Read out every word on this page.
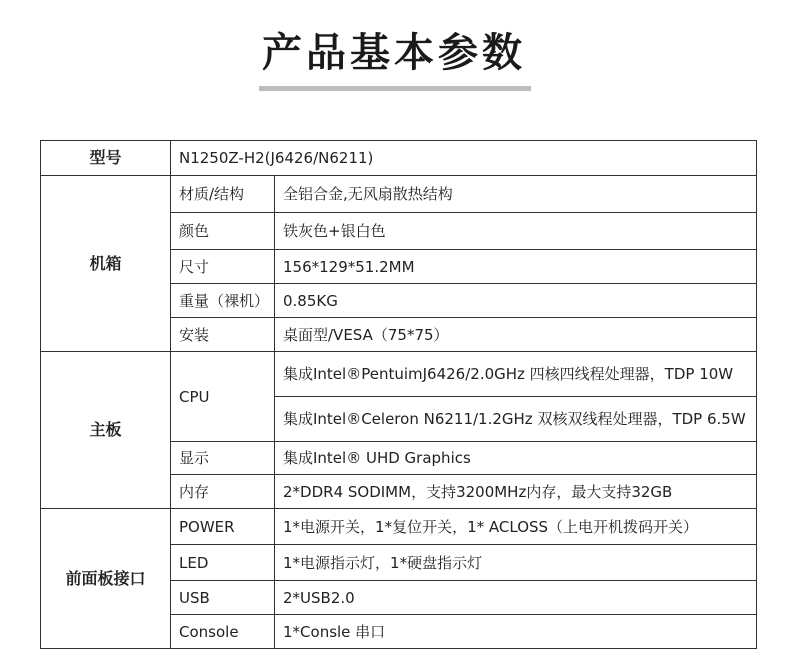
产品基本参数
型号	N1250Z-H2(J6426/N6211)	
机箱	材质/结构	全铝合金,无风扇散热结构
	颜色	铁灰色+银白色
	尺寸	156*129*51.2MM
	重量（裸机）	0.85KG
	安装	桌面型/VESA（75*75）
主板	CPU	集成Intel®PentuimJ6426/2.0GHz 四核四线程处理器，TDP 10W
		集成Intel®Celeron N6211/1.2GHz 双核双线程处理器，TDP 6.5W
	显示	集成Intel® UHD Graphics
	内存	2*DDR4 SODIMM，支持3200MHz内存，最大支持32GB
前面板接口	POWER	1*电源开关，1*复位开关，1* ACLOSS（上电开机拨码开关）
	LED	1*电源指示灯，1*硬盘指示灯
	USB	2*USB2.0
	Console	1*Consle 串口
